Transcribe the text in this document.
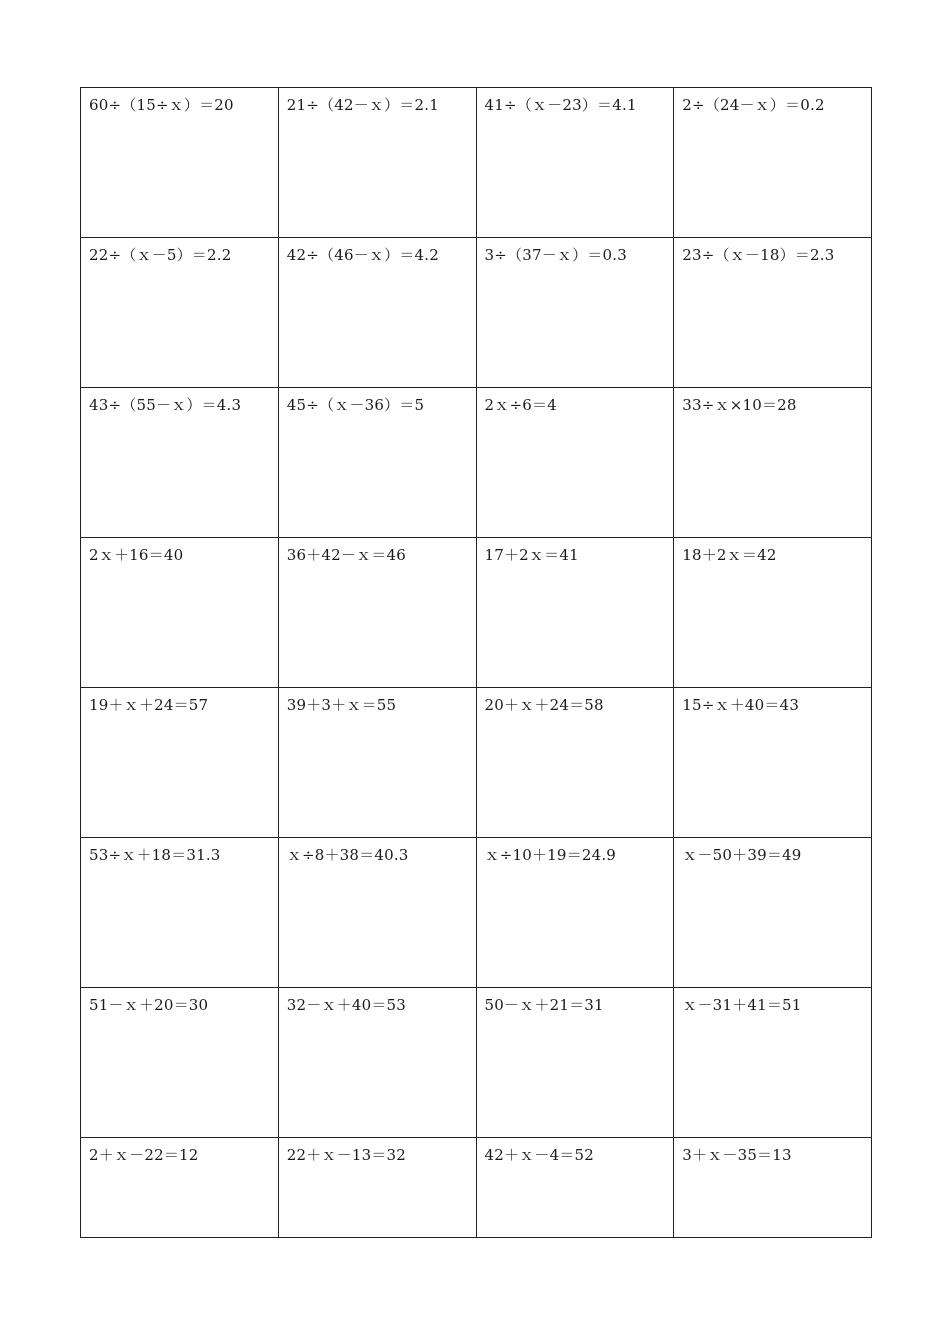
60÷（15÷ｘ）＝20	21÷（42－ｘ）＝2.1	41÷（ｘ－23）＝4.1	2÷（24－ｘ）＝0.2
22÷（ｘ－5）＝2.2	42÷（46－ｘ）＝4.2	3÷（37－ｘ）＝0.3	23÷（ｘ－18）＝2.3
43÷（55－ｘ）＝4.3	45÷（ｘ－36）＝5	2ｘ÷6＝4	33÷ｘ×10＝28
2ｘ＋16＝40	36＋42－ｘ＝46	17＋2ｘ＝41	18＋2ｘ＝42
19＋ｘ＋24＝57	39＋3＋ｘ＝55	20＋ｘ＋24＝58	15÷ｘ＋40＝43
53÷ｘ＋18＝31.3	ｘ÷8＋38＝40.3	ｘ÷10＋19＝24.9	ｘ－50＋39＝49
51－ｘ＋20＝30	32－ｘ＋40＝53	50－ｘ＋21＝31	ｘ－31＋41＝51
2＋ｘ－22＝12	22＋ｘ－13＝32	42＋ｘ－4＝52	3＋ｘ－35＝13
